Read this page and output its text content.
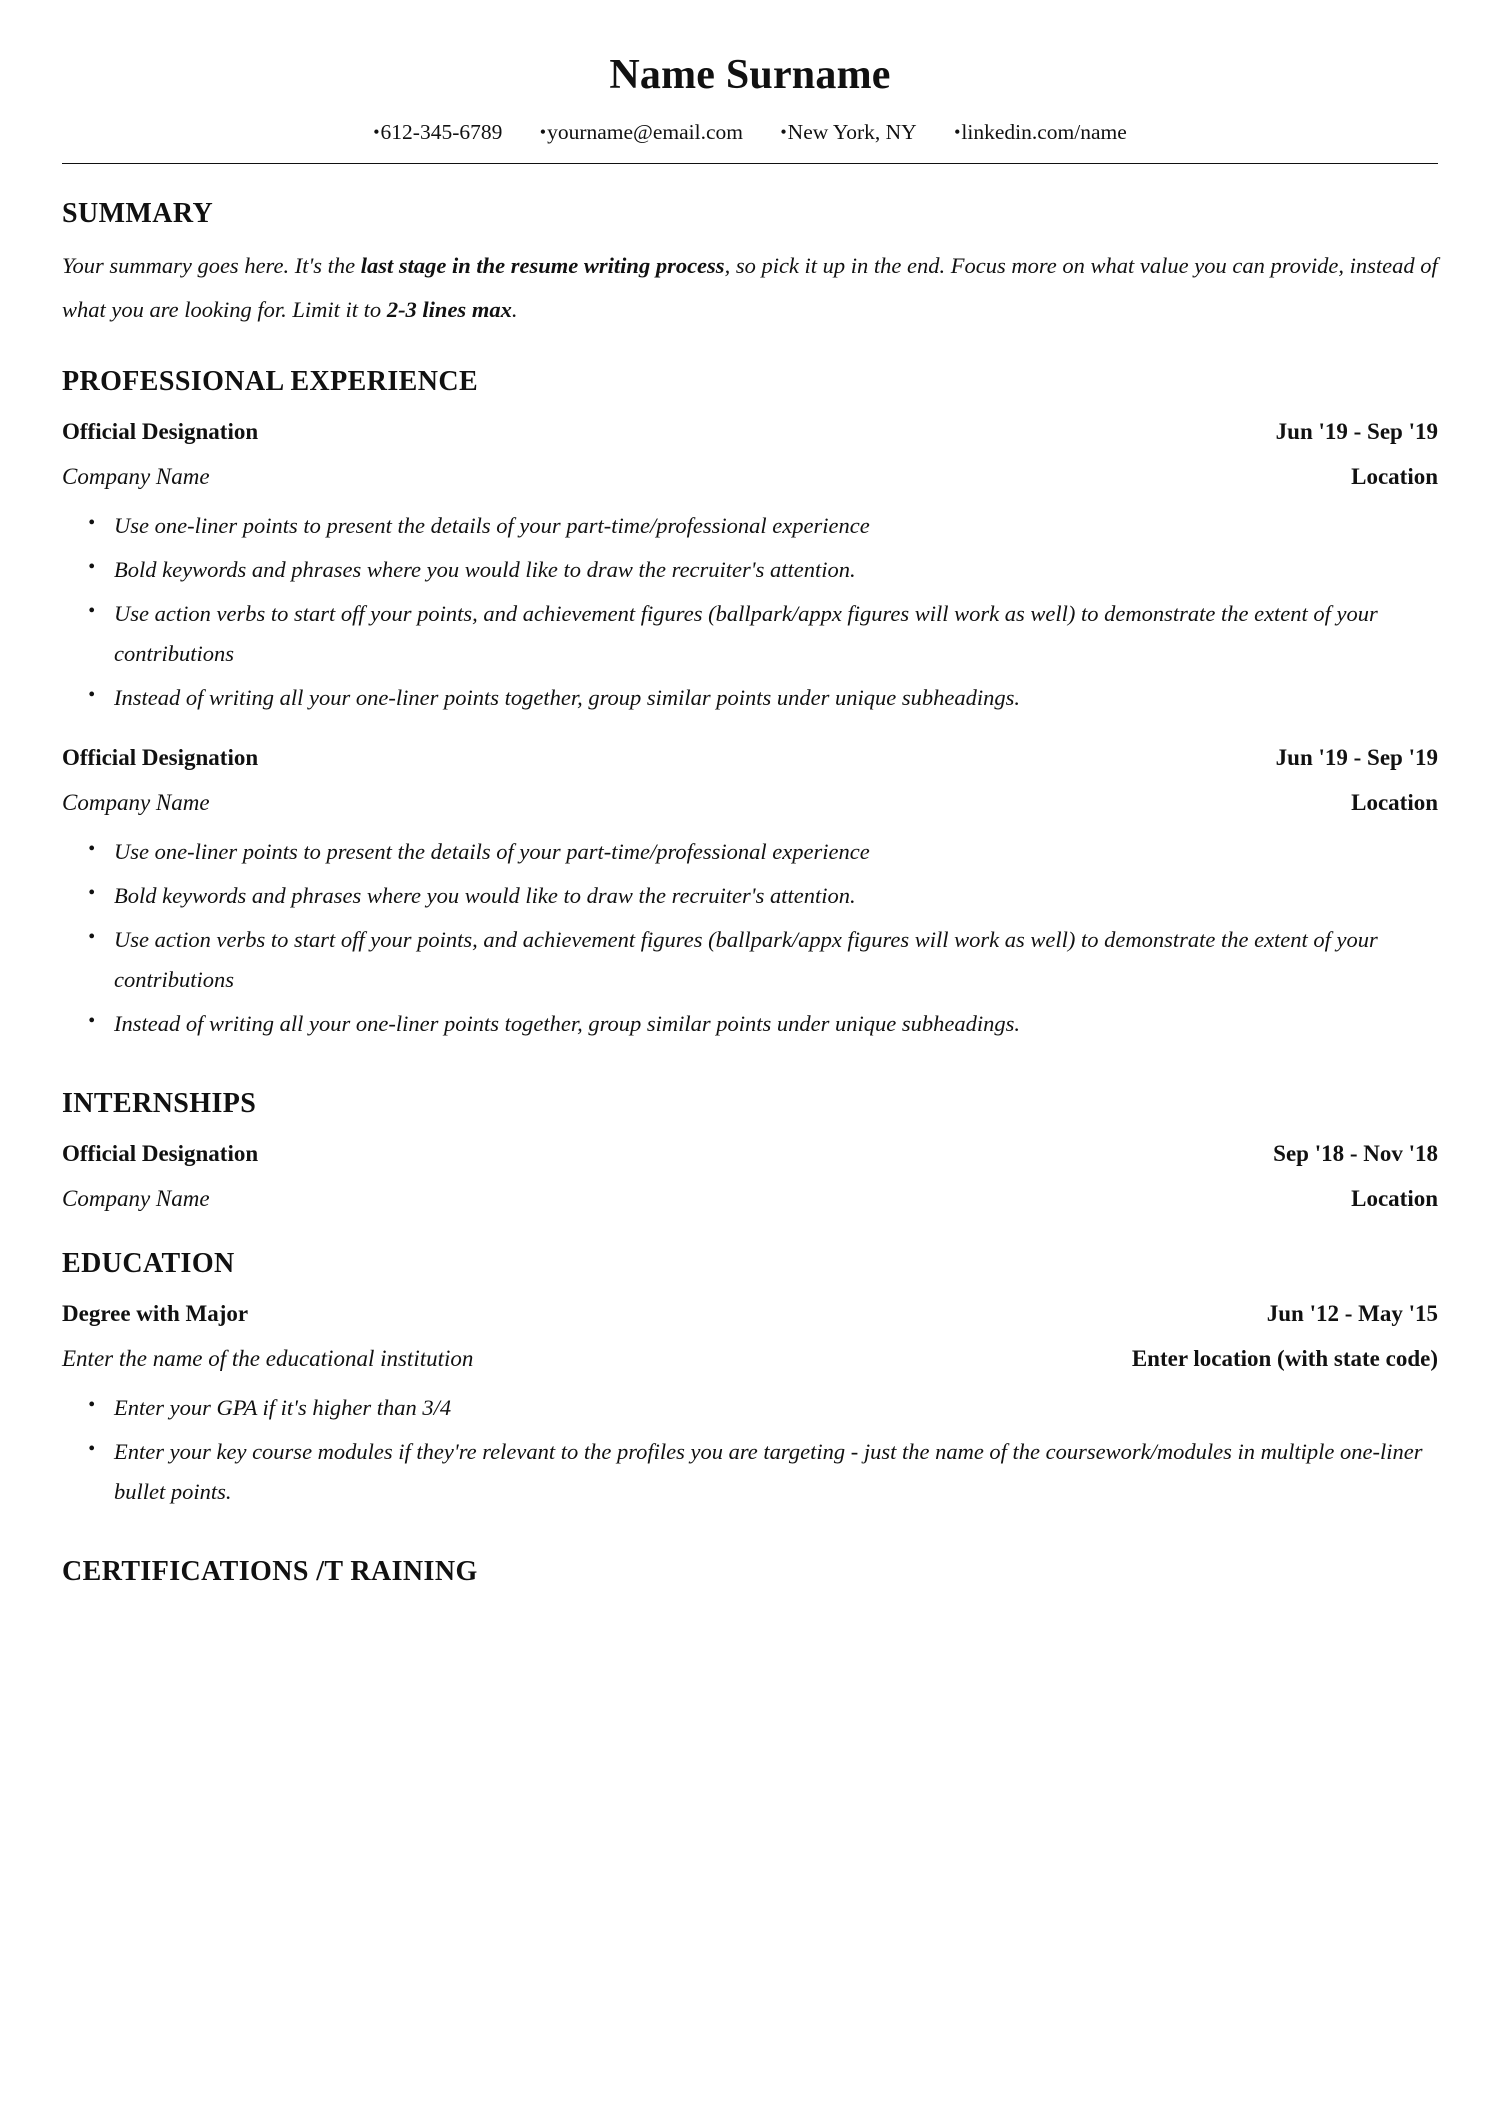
Name Surname
•612-345-6789 •yourname@email.com •New York, NY •linkedin.com/name
SUMMARY

Your summary goes here. It's the last stage in the resume writing process, so pick it up in the end. Focus more on what value you can provide, instead of what you are looking for. Limit it to 2-3 lines max.

PROFESSIONAL EXPERIENCE
Official Designation	Jun '19 - Sep '19
Company Name	Location
• Use one-liner points to present the details of your part-time/professional experience
• Bold keywords and phrases where you would like to draw the recruiter's attention.
• Use action verbs to start off your points, and achievement figures (ballpark/appx figures will work as well) to demonstrate the extent of your contributions
• Instead of writing all your one-liner points together, group similar points under unique subheadings.
Official Designation	Jun '19 - Sep '19
Company Name	Location
• Use one-liner points to present the details of your part-time/professional experience
• Bold keywords and phrases where you would like to draw the recruiter's attention.
• Use action verbs to start off your points, and achievement figures (ballpark/appx figures will work as well) to demonstrate the extent of your contributions
• Instead of writing all your one-liner points together, group similar points under unique subheadings.
INTERNSHIPS
Official Designation	Sep '18 - Nov '18
Company Name	Location
EDUCATION
Degree with Major	Jun '12 - May '15
Enter the name of the educational institution	Enter location (with state code)
• Enter your GPA if it's higher than 3/4
• Enter your key course modules if they're relevant to the profiles you are targeting - just the name of the coursework/modules in multiple one-liner bullet points.
CERTIFICATIONS /T RAINING
